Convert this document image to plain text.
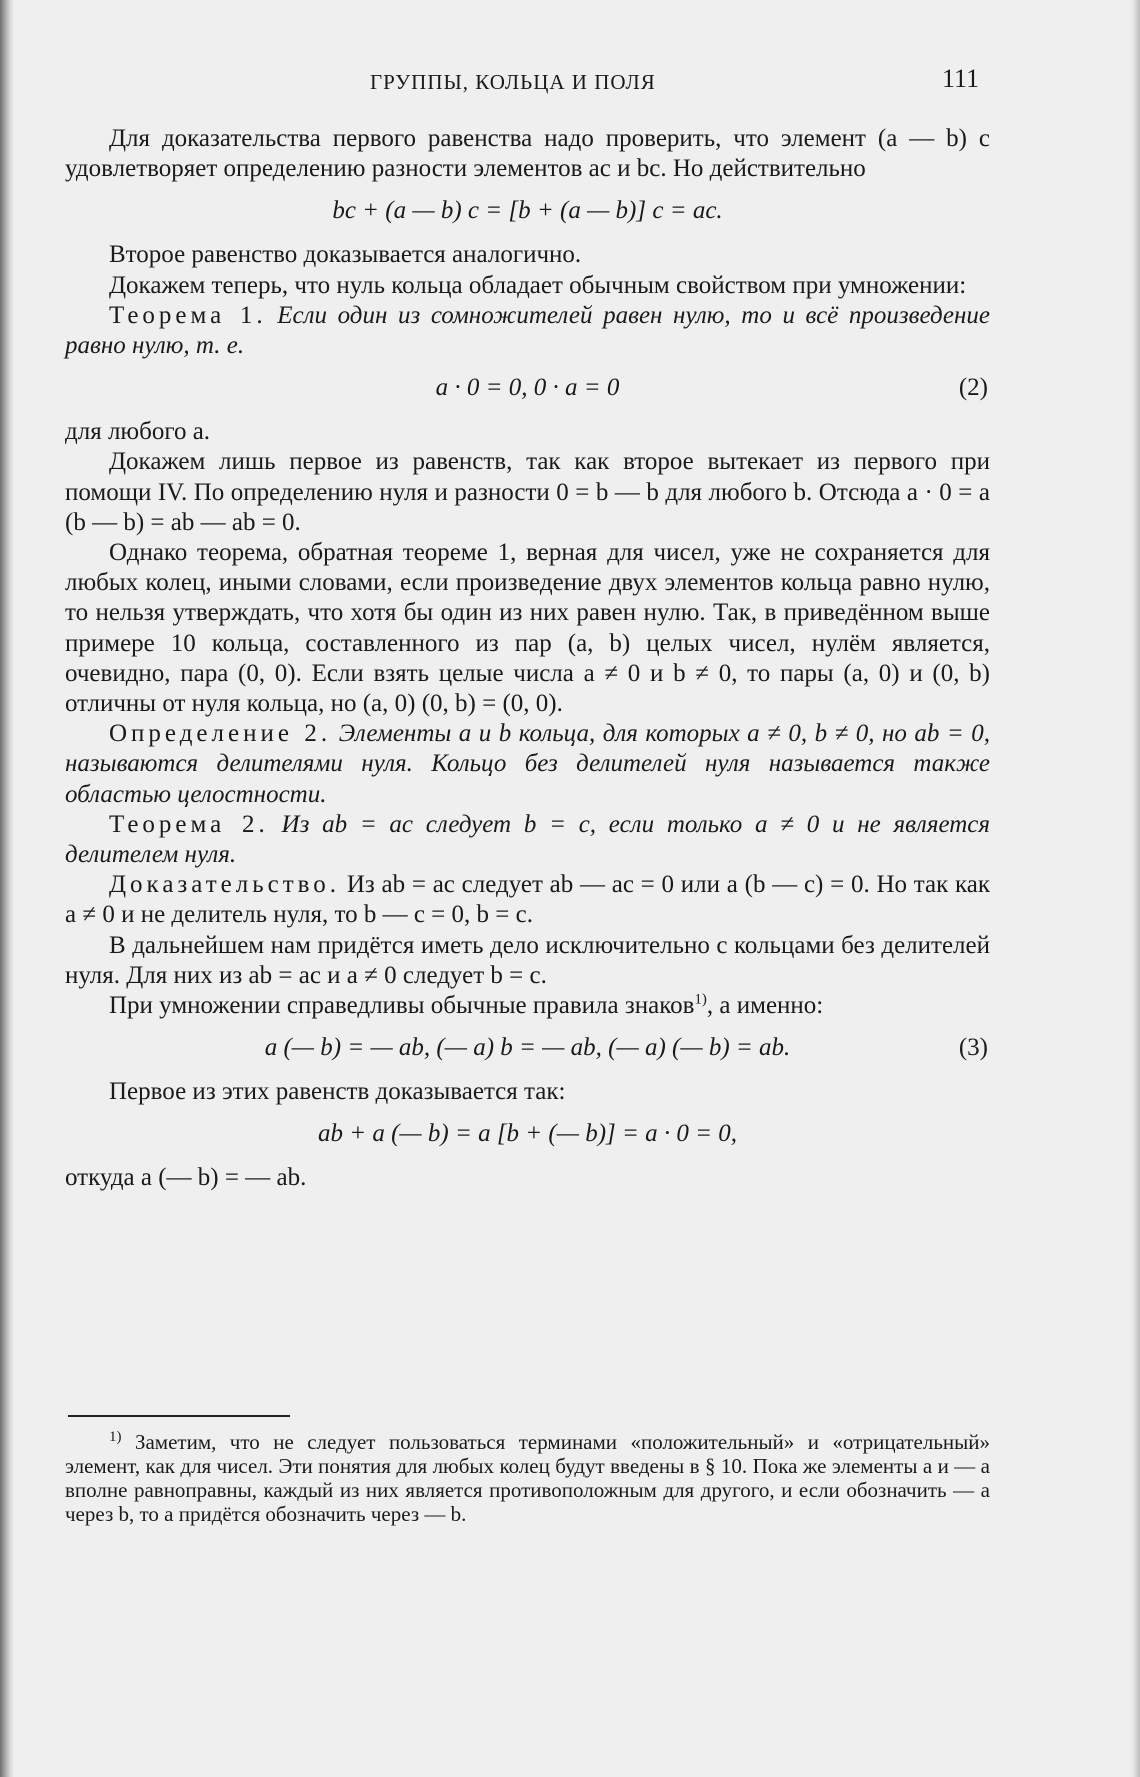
ГРУППЫ, КОЛЬЦА И ПОЛЯ	111

Для доказательства первого равенства надо проверить, что элемент (a — b) c удовлетворяет определению разности элементов ac и bc. Но действительно

bc + (a — b) c = [b + (a — b)] c = ac.

Второе равенство доказывается аналогично.

Докажем теперь, что нуль кольца обладает обычным свойством при умножении:

Теорема 1. Если один из сомножителей равен нулю, то и всё произведение равно нулю, т. е.

a · 0 = 0, 0 · a = 0	(2)

для любого a.

Докажем лишь первое из равенств, так как второе вытекает из первого при помощи IV. По определению нуля и разности 0 = b — b для любого b. Отсюда a · 0 = a (b — b) = ab — ab = 0.

Однако теорема, обратная теореме 1, верная для чисел, уже не сохраняется для любых колец, иными словами, если произведение двух элементов кольца равно нулю, то нельзя утверждать, что хотя бы один из них равен нулю. Так, в приведённом выше примере 10 кольца, составленного из пар (a, b) целых чисел, нулём является, очевидно, пара (0, 0). Если взять целые числа a ≠ 0 и b ≠ 0, то пары (a, 0) и (0, b) отличны от нуля кольца, но (a, 0) (0, b) = (0, 0).

Определение 2. Элементы a и b кольца, для которых a ≠ 0, b ≠ 0, но ab = 0, называются делителями нуля. Кольцо без делителей нуля называется также областью целостности.

Теорема 2. Из ab = ac следует b = c, если только a ≠ 0 и не является делителем нуля.

Доказательство. Из ab = ac следует ab — ac = 0 или a (b — c) = 0. Но так как a ≠ 0 и не делитель нуля, то b — c = 0, b = c.

В дальнейшем нам придётся иметь дело исключительно с кольцами без делителей нуля. Для них из ab = ac и a ≠ 0 следует b = c.

При умножении справедливы обычные правила знаков$^{1)}$, а именно:

a (— b) = — ab, (— a) b = — ab, (— a) (— b) = ab.	(3)

Первое из этих равенств доказывается так:

ab + a (— b) = a [b + (— b)] = a · 0 = 0,

откуда a (— b) = — ab.

$^{1)}$ Заметим, что не следует пользоваться терминами «положительный» и «отрицательный» элемент, как для чисел. Эти понятия для любых колец будут введены в § 10. Пока же элементы a и — a вполне равноправны, каждый из них является противоположным для другого, и если обозначить — a через b, то a придётся обозначить через — b.
